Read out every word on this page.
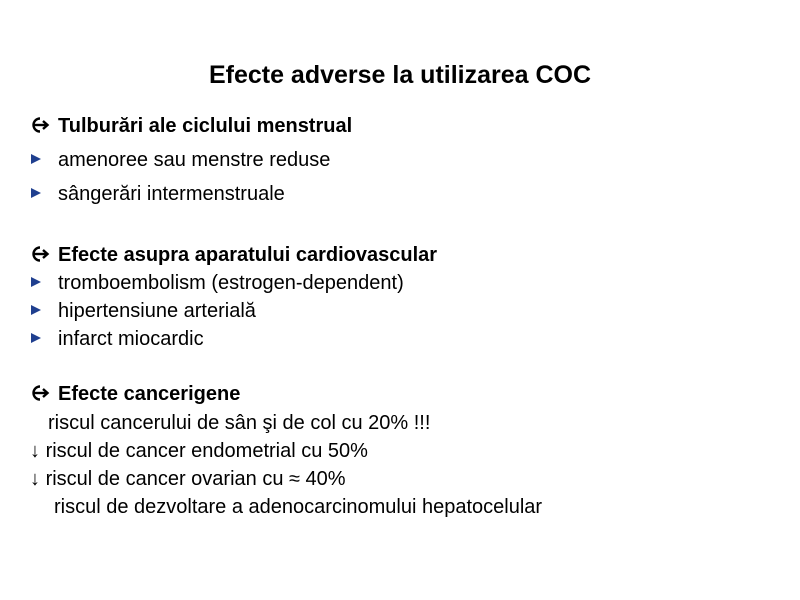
Efecte adverse la utilizarea COC
Tulburări ale ciclului menstrual
amenoree sau menstre reduse
sângerări intermenstruale
Efecte asupra aparatului cardiovascular
tromboembolism (estrogen-dependent)
hipertensiune arterială
infarct miocardic
Efecte cancerigene
riscul cancerului de sân şi de col cu 20% !!!
↓ riscul de cancer endometrial cu 50%
↓ riscul de cancer ovarian cu ≈ 40%
riscul de dezvoltare a adenocarcinomului hepatocelular
